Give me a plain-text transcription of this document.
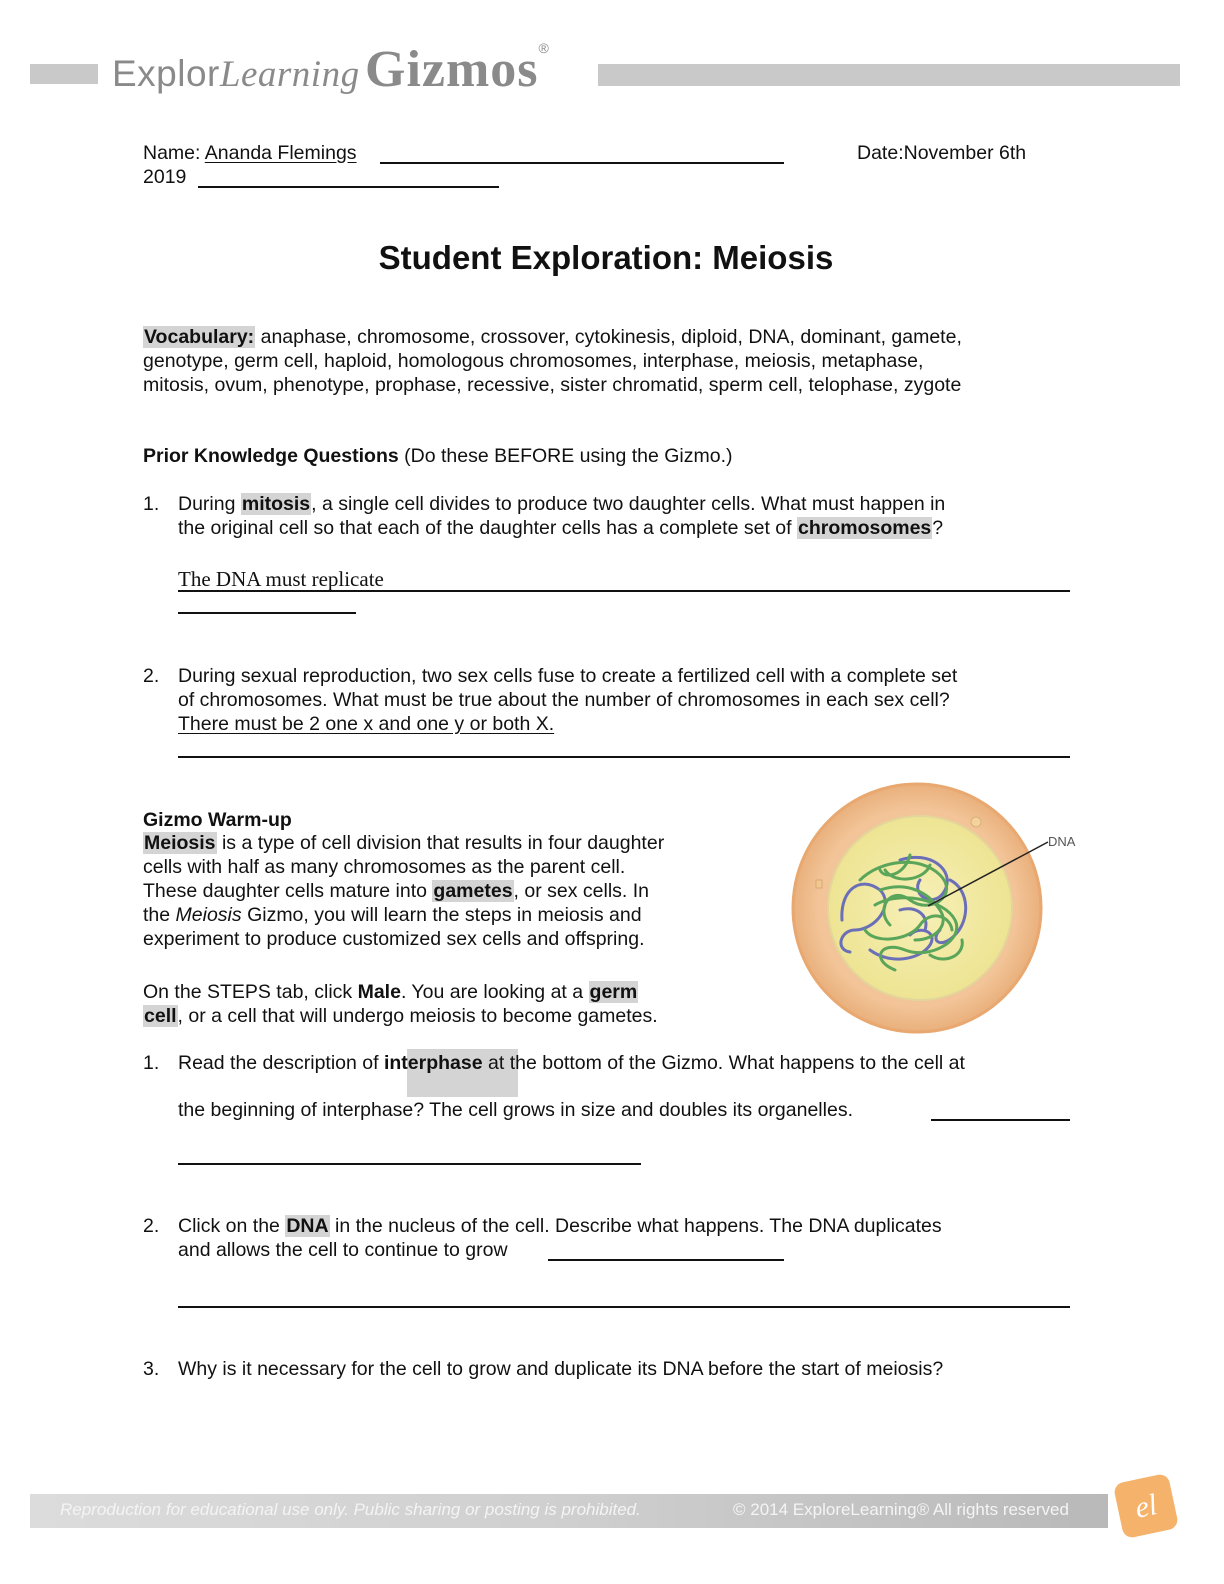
ExplorLearning Gizmos®
Name: Ananda Flemings	Date:November 6th
2019
Student Exploration: Meiosis
Vocabulary: anaphase, chromosome, crossover, cytokinesis, diploid, DNA, dominant, gamete,
genotype, germ cell, haploid, homologous chromosomes, interphase, meiosis, metaphase,
mitosis, ovum, phenotype, prophase, recessive, sister chromatid, sperm cell, telophase, zygote
Prior Knowledge Questions (Do these BEFORE using the Gizmo.)
1. During mitosis, a single cell divides to produce two daughter cells. What must happen in
the original cell so that each of the daughter cells has a complete set of chromosomes?
The DNA must replicate
2. During sexual reproduction, two sex cells fuse to create a fertilized cell with a complete set
of chromosomes. What must be true about the number of chromosomes in each sex cell?
There must be 2 one x and one y or both X.
Gizmo Warm-up
Meiosis is a type of cell division that results in four daughter
cells with half as many chromosomes as the parent cell.
These daughter cells mature into gametes, or sex cells. In
the Meiosis Gizmo, you will learn the steps in meiosis and
experiment to produce customized sex cells and offspring.
On the STEPS tab, click Male. You are looking at a germ
cell, or a cell that will undergo meiosis to become gametes.
DNA
1. Read the description of interphase at the bottom of the Gizmo. What happens to the cell at
the beginning of interphase? The cell grows in size and doubles its organelles.
2. Click on the DNA in the nucleus of the cell. Describe what happens. The DNA duplicates
and allows the cell to continue to grow
3. Why is it necessary for the cell to grow and duplicate its DNA before the start of meiosis?
Reproduction for educational use only. Public sharing or posting is prohibited.	© 2014 ExploreLearning® All rights reserved el
